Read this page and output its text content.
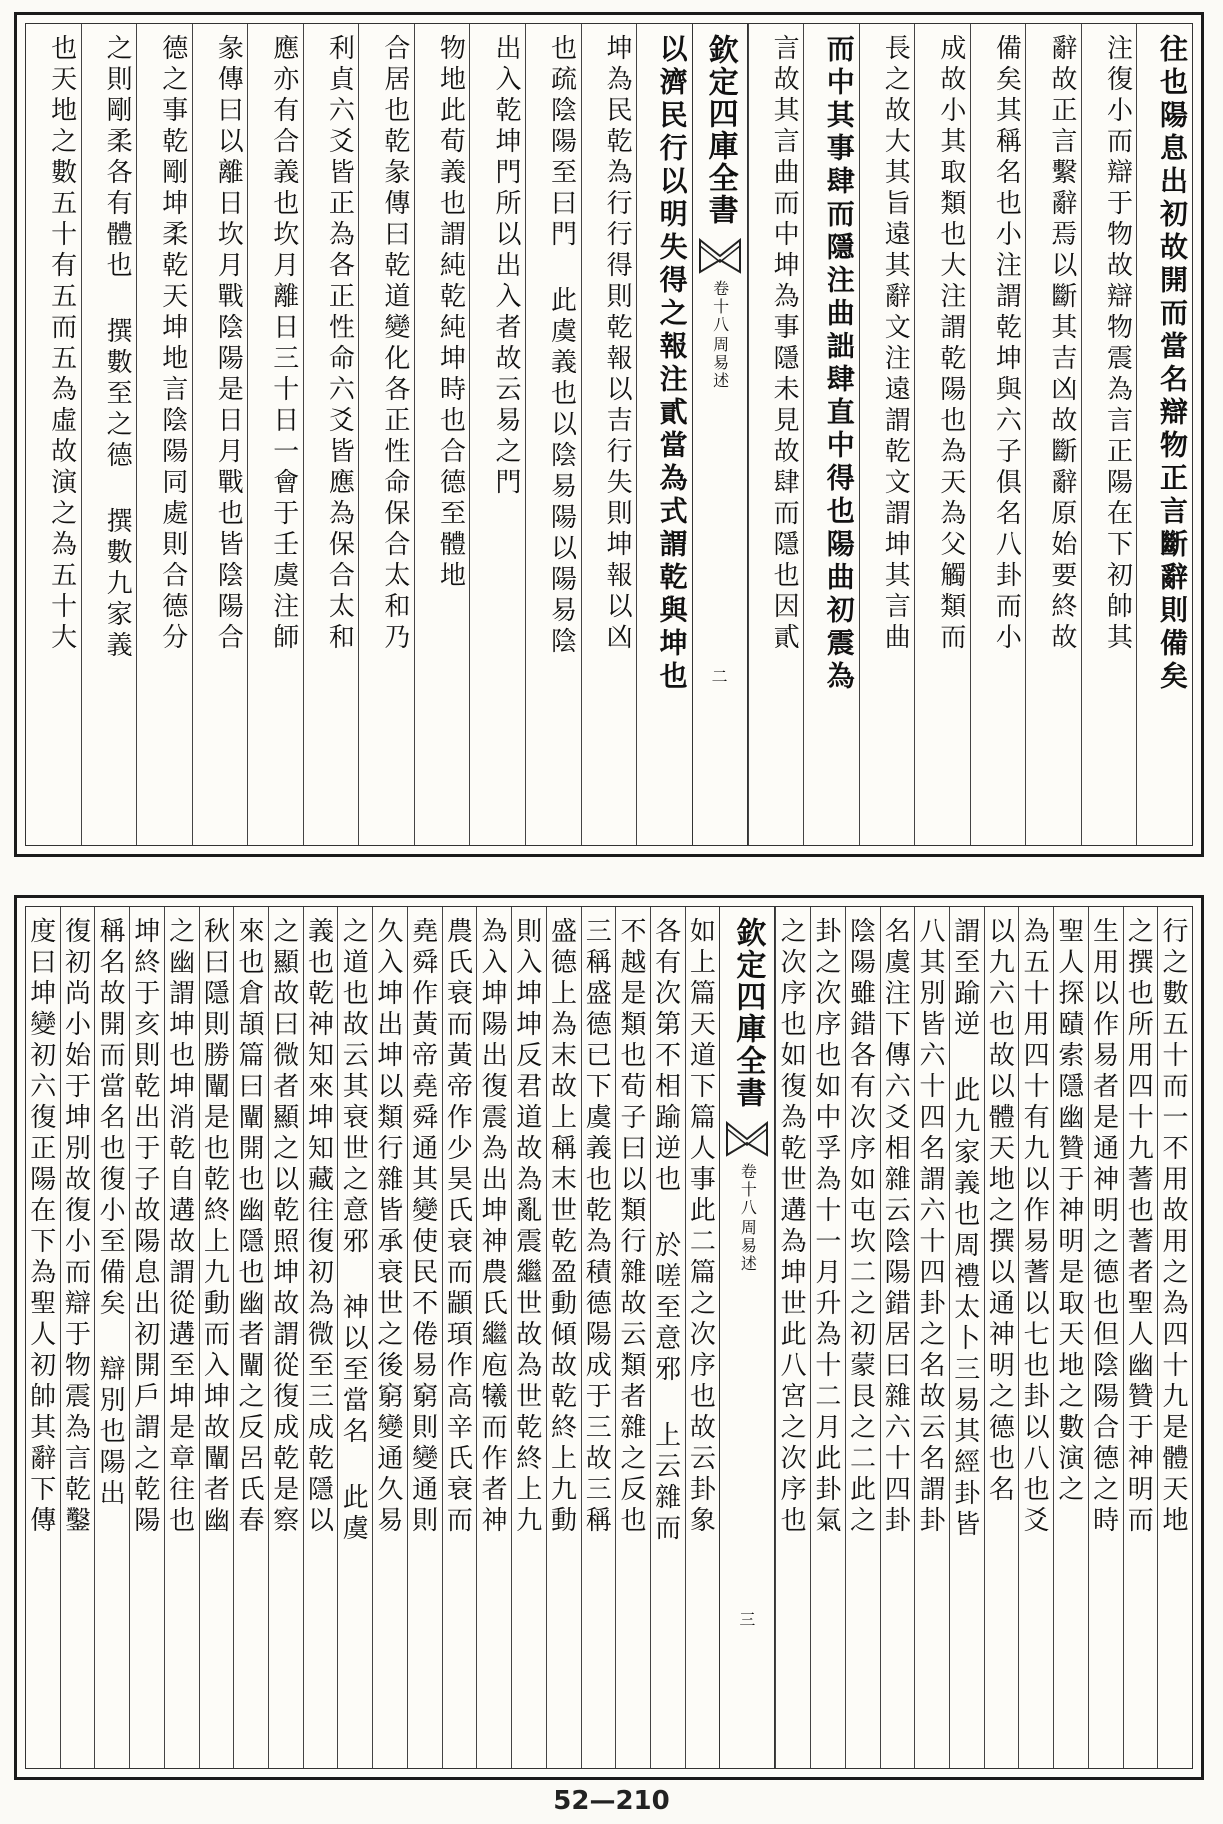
往也陽息出初故開而當名辯物正言斷辭則備矣
注復小而辯于物故辯物震為言正陽在下初帥其
辭故正言繫辭焉以斷其吉凶故斷辭原始要終故
備矣其稱名也小注謂乾坤與六子俱名八卦而小
成故小其取類也大注謂乾陽也為天為父觸類而
長之故大其旨遠其辭文注遠謂乾文謂坤其言曲
而中其事肆而隱注曲詘肆直中得也陽曲初震為
言故其言曲而中坤為事隱未見故肆而隱也因貳
欽定四庫全書
周易述
卷十八
二
以濟民行以明失得之報注貳當為式謂乾與坤也
坤為民乾為行行得則乾報以吉行失則坤報以凶
也疏陰陽至曰門 此虞義也以陰易陽以陽易陰
出入乾坤門所以出入者故云易之門
物地此荀義也謂純乾純坤時也合德至體地
合居也乾彖傳曰乾道變化各正性命保合太和乃
利貞六爻皆正為各正性命六爻皆應為保合太和
應亦有合義也坎月離日三十日一會于壬虞注師
彖傳曰以離日坎月戰陰陽是日月戰也皆陰陽合
德之事乾剛坤柔乾天坤地言陰陽同處則合德分
之則剛柔各有體也 撰數至之德 撰數九家義
也天地之數五十有五而五為虛故演之為五十大
行之數五十而一不用故用之為四十九是體天地
之撰也所用四十九蓍也蓍者聖人幽贊于神明而
生用以作易者是通神明之德也但陰陽合德之時
聖人探賾索隱幽贊于神明是取天地之數演之
為五十用四十有九以作易蓍以七也卦以八也爻
以九六也故以體天地之撰以通神明之德也名
謂至踰逆 此九家義也周禮太卜三易其經卦皆
八其別皆六十四名謂六十四卦之名故云名謂卦
名虞注下傳六爻相雜云陰陽錯居曰雜六十四卦
陰陽雖錯各有次序如屯坎二之初蒙艮之二此之
卦之次序也如中孚為十一月升為十二月此卦氣
之次序也如復為乾世遘為坤世此八宮之次序也
欽定四庫全書
周易述
卷十八
三
如上篇天道下篇人事此二篇之次序也故云卦象
各有次第不相踰逆也 於嗟至意邪 上云雜而
不越是類也荀子曰以類行雜故云類者雜之反也
三稱盛德已下虞義也乾為積德陽成于三故三稱
盛德上為末故上稱末世乾盈動傾故乾終上九動
則入坤坤反君道故為亂震繼世故為世乾終上九
為入坤陽出復震為出坤神農氏繼庖犧而作者神
農氏衰而黃帝作少昊氏衰而顓頊作高辛氏衰而
堯舜作黃帝堯舜通其變使民不倦易窮則變通則
久入坤出坤以類行雜皆承衰世之後窮變通久易
之道也故云其衰世之意邪 神以至當名 此虞
義也乾神知來坤知藏往復初為微至三成乾隱以
之顯故曰微者顯之以乾照坤故謂從復成乾是察
來也倉頡篇曰闡開也幽隱也幽者闡之反呂氏春
秋曰隱則勝闡是也乾終上九動而入坤故闡者幽
之幽謂坤也坤消乾自遘故謂從遘至坤是章往也
坤終于亥則乾出于子故陽息出初開戶謂之乾陽
稱名故開而當名也復小至備矣 辯別也陽出
復初尚小始于坤別故復小而辯于物震為言乾鑿
度曰坤變初六復正陽在下為聖人初帥其辭下傳
52—210
